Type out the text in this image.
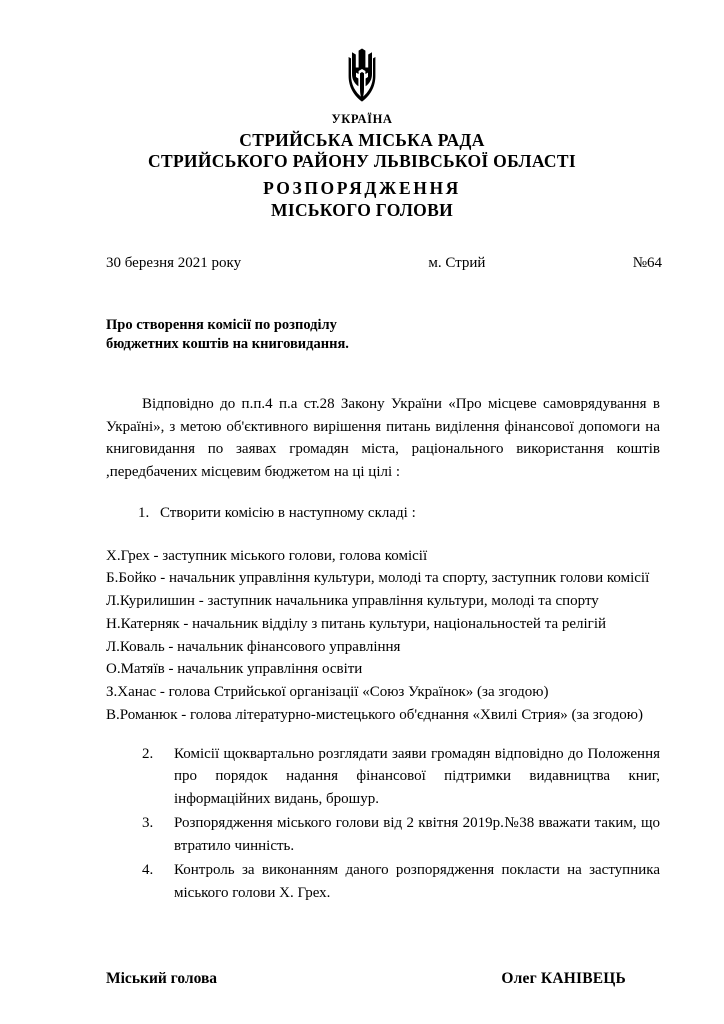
УКРАЇНА
СТРИЙСЬКА МІСЬКА РАДА
СТРИЙСЬКОГО РАЙОНУ ЛЬВІВСЬКОЇ ОБЛАСТІ
РОЗПОРЯДЖЕННЯ
МІСЬКОГО ГОЛОВИ
30 березня 2021 року	м. Стрий	№64
Про створення комісії по розподілу
бюджетних коштів на книговидання.
Відповідно до п.п.4 п.а ст.28 Закону України «Про місцеве самоврядування в Україні», з метою об'єктивного вирішення питань виділення фінансової допомоги на книговидання по заявах громадян міста, раціонального використання коштів ,передбачених місцевим бюджетом на ці цілі :
1. Створити комісію в наступному складі :

Х.Грех - заступник міського голови, голова комісії

Б.Бойко - начальник управління культури, молоді та спорту, заступник голови комісії

Л.Курилишин - заступник начальника управління культури, молоді та спорту

Н.Катерняк - начальник відділу з питань культури, національностей та релігій

Л.Коваль - начальник фінансового управління

О.Матяїв - начальник управління освіти

З.Ханас - голова Стрийської організації «Союз Українок» (за згодою)

В.Романюк - голова літературно-мистецького об'єднання «Хвилі Стрия» (за згодою)

2. Комісії щоквартально розглядати заяви громадян відповідно до Положення про порядок надання фінансової підтримки видавництва книг, інформаційних видань, брошур.
3. Розпорядження міського голови від 2 квітня 2019р.№38 вважати таким, що втратило чинність.
4. Контроль за виконанням даного розпорядження покласти на заступника міського голови Х. Грех.
Міський голова	Олег КАНІВЕЦЬ
